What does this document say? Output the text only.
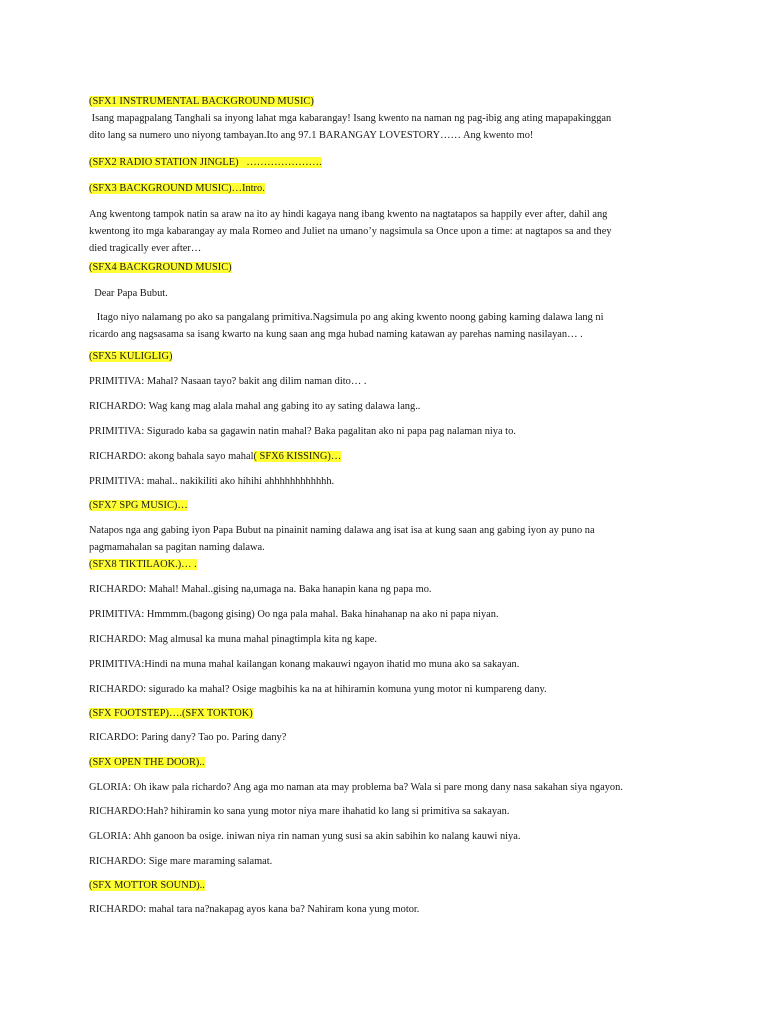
(SFX1 INSTRUMENTAL BACKGROUND MUSIC)

Isang mapagpalang Tanghali sa inyong lahat mga kabarangay! Isang kwento na naman ng pag-ibig ang ating mapapakinggan

dito lang sa numero uno niyong tambayan.Ito ang 97.1 BARANGAY LOVESTORY…… Ang kwento mo!

(SFX2 RADIO STATION JINGLE)   ………………….

(SFX3 BACKGROUND MUSIC)…Intro.

Ang kwentong tampok natin sa araw na ito ay hindi kagaya nang ibang kwento na nagtatapos sa happily ever after, dahil ang

kwentong ito mga kabarangay ay mala Romeo and Juliet na umano’y nagsimula sa Once upon a time: at nagtapos sa and they

died tragically ever after…

(SFX4 BACKGROUND MUSIC)

Dear Papa Bubut.

Itago niyo nalamang po ako sa pangalang primitiva.Nagsimula po ang aking kwento noong gabing kaming dalawa lang ni

ricardo ang nagsasama sa isang kwarto na kung saan ang mga hubad naming katawan ay parehas naming nasilayan… .

(SFX5 KULIGLIG)

PRIMITIVA: Mahal? Nasaan tayo? bakit ang dilim naman dito… .

RICHARDO: Wag kang mag alala mahal ang gabing ito ay sating dalawa lang..

PRIMITIVA: Sigurado kaba sa gagawin natin mahal? Baka pagalitan ako ni papa pag nalaman niya to.

RICHARDO: akong bahala sayo mahal( SFX6 KISSING)…

PRIMITIVA: mahal.. nakikiliti ako hihihi ahhhhhhhhhhhh.

(SFX7 SPG MUSIC)…

Natapos nga ang gabing iyon Papa Bubut na pinainit naming dalawa ang isat isa at kung saan ang gabing iyon ay puno na

pagmamahalan sa pagitan naming dalawa.

(SFX8 TIKTILAOK.)… .

RICHARDO: Mahal! Mahal..gising na,umaga na. Baka hanapin kana ng papa mo.

PRIMITIVA: Hmmmm.(bagong gising) Oo nga pala mahal. Baka hinahanap na ako ni papa niyan.

RICHARDO: Mag almusal ka muna mahal pinagtimpla kita ng kape.

PRIMITIVA:Hindi na muna mahal kailangan konang makauwi ngayon ihatid mo muna ako sa sakayan.

RICHARDO: sigurado ka mahal? Osige magbihis ka na at hihiramin komuna yung motor ni kumpareng dany.

(SFX FOOTSTEP)….(SFX TOKTOK)

RICARDO: Paring dany? Tao po. Paring dany?

(SFX OPEN THE DOOR)..

GLORIA: Oh ikaw pala richardo? Ang aga mo naman ata may problema ba? Wala si pare mong dany nasa sakahan siya ngayon.

RICHARDO:Hah? hihiramin ko sana yung motor niya mare ihahatid ko lang si primitiva sa sakayan.

GLORIA: Ahh ganoon ba osige. iniwan niya rin naman yung susi sa akin sabihin ko nalang kauwi niya.

RICHARDO: Sige mare maraming salamat.

(SFX MOTTOR SOUND)..

RICHARDO: mahal tara na?nakapag ayos kana ba? Nahiram kona yung motor.
